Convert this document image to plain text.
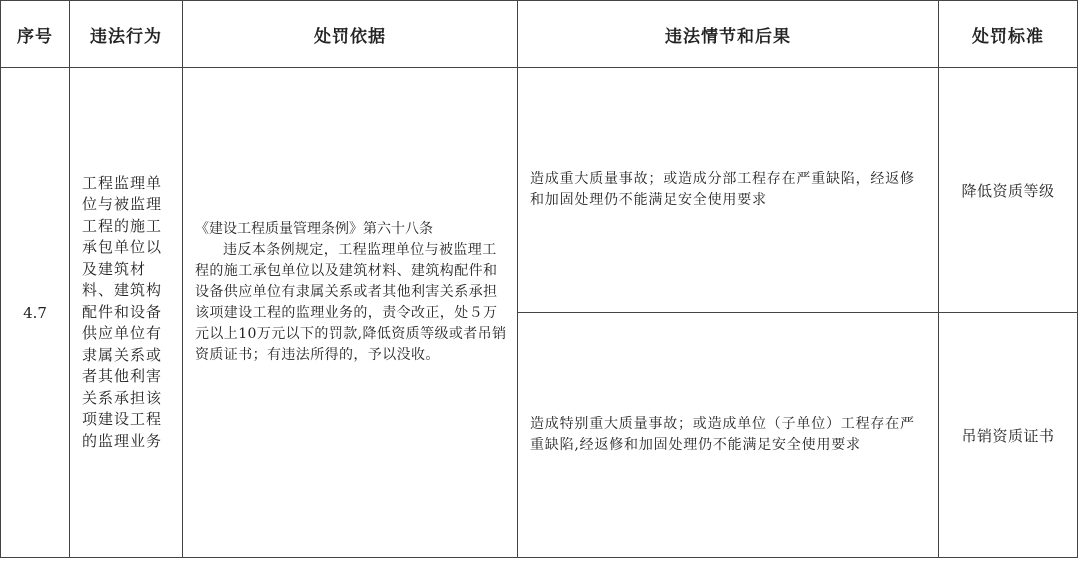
序号	违法行为	处罚依据	违法情节和后果	处罚标准
4.7	工程监理单位与被监理工程的施工承包单位以及建筑材料、建筑构配件和设备供应单位有隶属关系或者其他利害关系承担该项建设工程的监理业务	《建设工程质量管理条例》第六十八条
违反本条例规定，工程监理单位与被监理工程的施工承包单位以及建筑材料、建筑构配件和设备供应单位有隶属关系或者其他利害关系承担该项建设工程的监理业务的，责令改正，处５万元以上10万元以下的罚款,降低资质等级或者吊销资质证书；有违法所得的，予以没收。	造成重大质量事故；或造成分部工程存在严重缺陷，经返修和加固处理仍不能满足安全使用要求	降低资质等级

			造成特别重大质量事故；或造成单位（子单位）工程存在严重缺陷,经返修和加固处理仍不能满足安全使用要求	吊销资质证书
